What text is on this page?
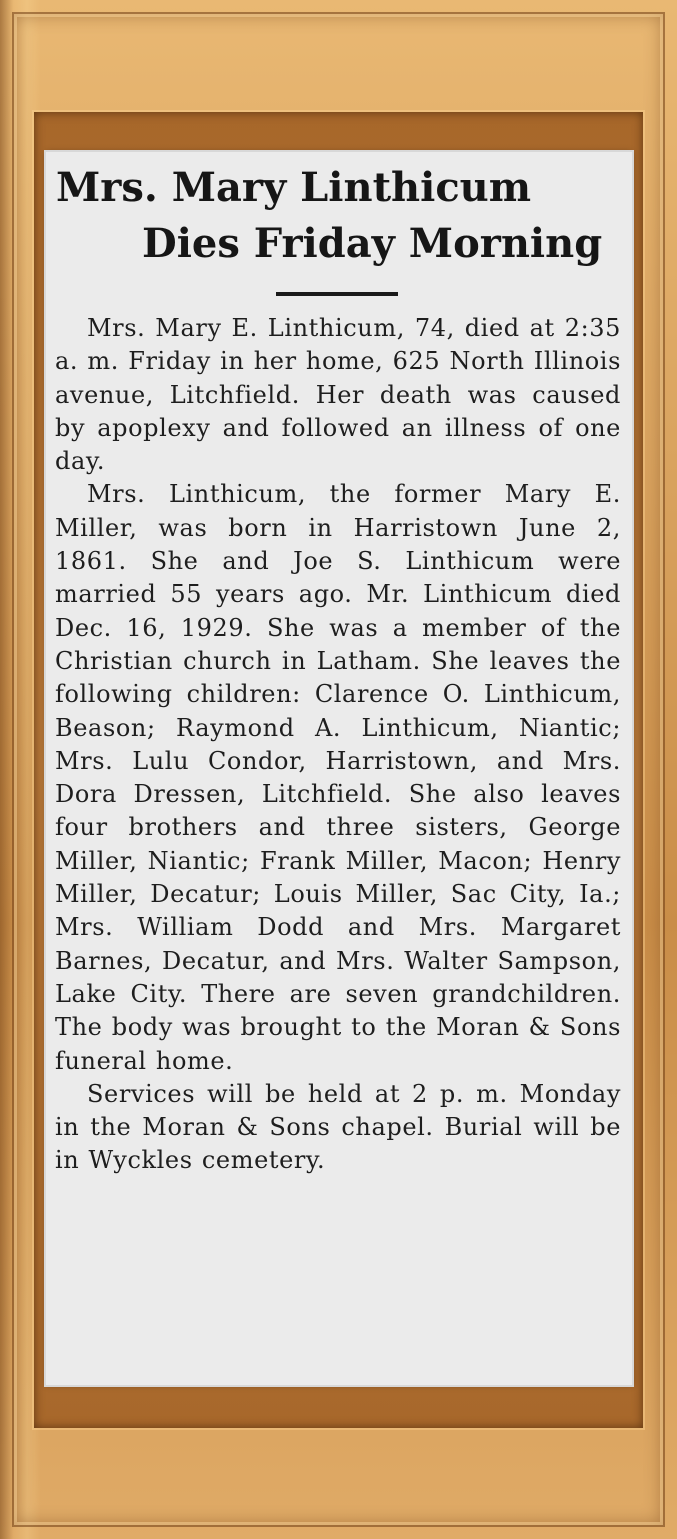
Mrs. Mary Linthicum
Dies Friday Morning

Mrs. Mary E. Linthicum, 74, died at 2:35 a. m. Friday in her home, 625 North Illinois avenue, Litchfield. Her death was caused by apoplexy and followed an illness of one day.

Mrs. Linthicum, the former Mary E. Miller, was born in Harristown June 2, 1861. She and Joe S. Linthicum were married 55 years ago. Mr. Linthicum died Dec. 16, 1929. She was a member of the Christian church in Latham. She leaves the following children: Clarence O. Linthicum, Beason; Raymond A. Linthicum, Niantic; Mrs. Lulu Condor, Harristown, and Mrs. Dora Dressen, Litchfield. She also leaves four brothers and three sisters, George Miller, Niantic; Frank Miller, Macon; Henry Miller, Decatur; Louis Miller, Sac City, Ia.; Mrs. William Dodd and Mrs. Margaret Barnes, Decatur, and Mrs. Walter Sampson, Lake City. There are seven grandchildren. The body was brought to the Moran & Sons funeral home.

Services will be held at 2 p. m. Monday in the Moran & Sons chapel. Burial will be in Wyckles cemetery.
